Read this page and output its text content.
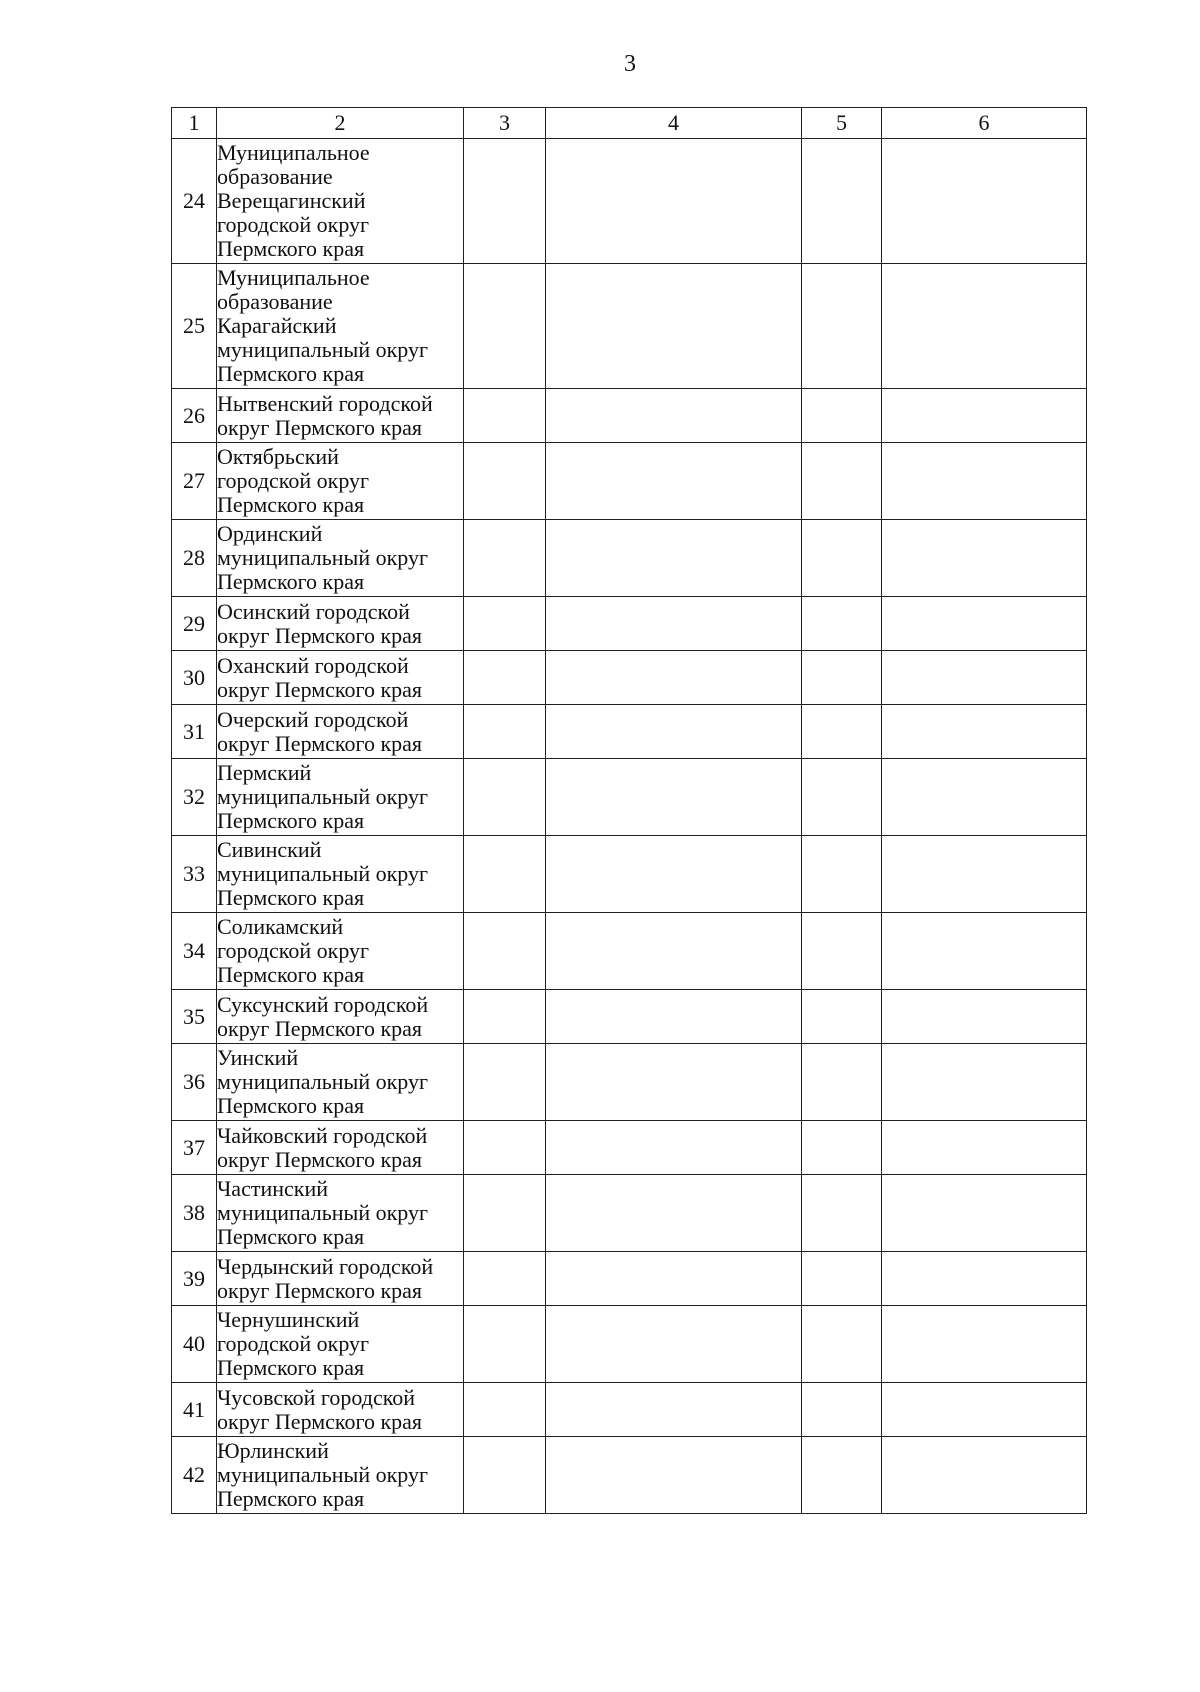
3
1	2	3	4	5	6
24	Муниципальное
образование
Верещагинский
городской округ
Пермского края				
25	Муниципальное
образование
Карагайский
муниципальный округ
Пермского края				
26	Нытвенский городской
округ Пермского края				
27	Октябрьский
городской округ
Пермского края				
28	Ординский
муниципальный округ
Пермского края				
29	Осинский городской
округ Пермского края				
30	Оханский городской
округ Пермского края				
31	Очерский городской
округ Пермского края				
32	Пермский
муниципальный округ
Пермского края				
33	Сивинский
муниципальный округ
Пермского края				
34	Соликамский
городской округ
Пермского края				
35	Суксунский городской
округ Пермского края				
36	Уинский
муниципальный округ
Пермского края				
37	Чайковский городской
округ Пермского края				
38	Частинский
муниципальный округ
Пермского края				
39	Чердынский городской
округ Пермского края				
40	Чернушинский
городской округ
Пермского края				
41	Чусовской городской
округ Пермского края				
42	Юрлинский
муниципальный округ
Пермского края				
